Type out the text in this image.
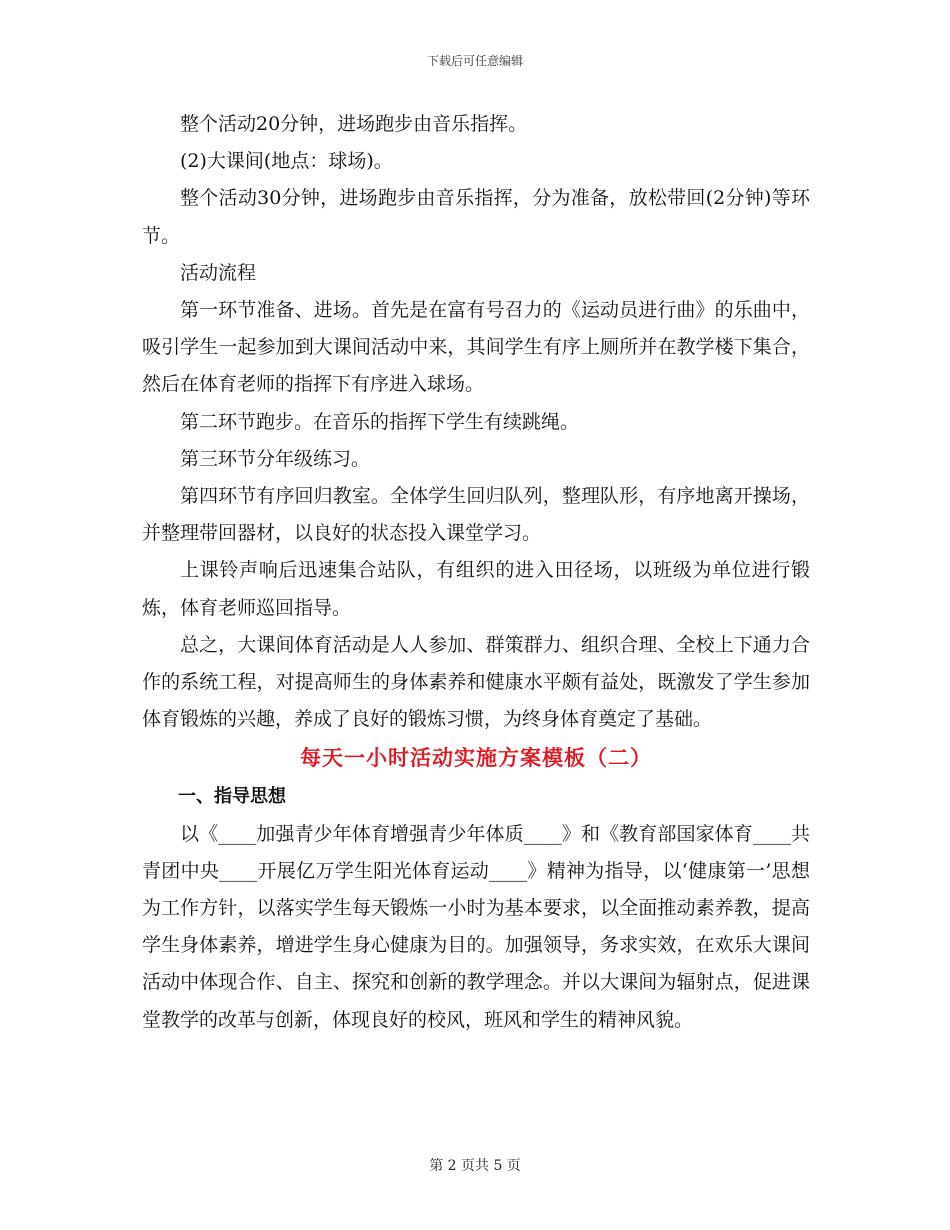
下载后可任意编辑

整个活动20分钟，进场跑步由音乐指挥。

(2)大课间(地点：球场)。

整个活动30分钟，进场跑步由音乐指挥，分为准备，放松带回(2分钟)等环节。

活动流程

第一环节准备、进场。首先是在富有号召力的《运动员进行曲》的乐曲中，吸引学生一起参加到大课间活动中来，其间学生有序上厕所并在教学楼下集合，然后在体育老师的指挥下有序进入球场。

第二环节跑步。在音乐的指挥下学生有续跳绳。

第三环节分年级练习。

第四环节有序回归教室。全体学生回归队列，整理队形，有序地离开操场，并整理带回器材，以良好的状态投入课堂学习。

上课铃声响后迅速集合站队，有组织的进入田径场，以班级为单位进行锻炼，体育老师巡回指导。

总之，大课间体育活动是人人参加、群策群力、组织合理、全校上下通力合作的系统工程，对提高师生的身体素养和健康水平颇有益处，既激发了学生参加体育锻炼的兴趣，养成了良好的锻炼习惯，为终身体育奠定了基础。

每天一小时活动实施方案模板（二）
一、指导思想

以《____加强青少年体育增强青少年体质____》和《教育部国家体育____共青团中央____开展亿万学生阳光体育运动____》精神为指导，以‘健康第一’思想为工作方针，以落实学生每天锻炼一小时为基本要求，以全面推动素养教，提高学生身体素养，增进学生身心健康为目的。加强领导，务求实效，在欢乐大课间活动中体现合作、自主、探究和创新的教学理念。并以大课间为辐射点，促进课堂教学的改革与创新，体现良好的校风，班风和学生的精神风貌。

第 2 页共 5 页
